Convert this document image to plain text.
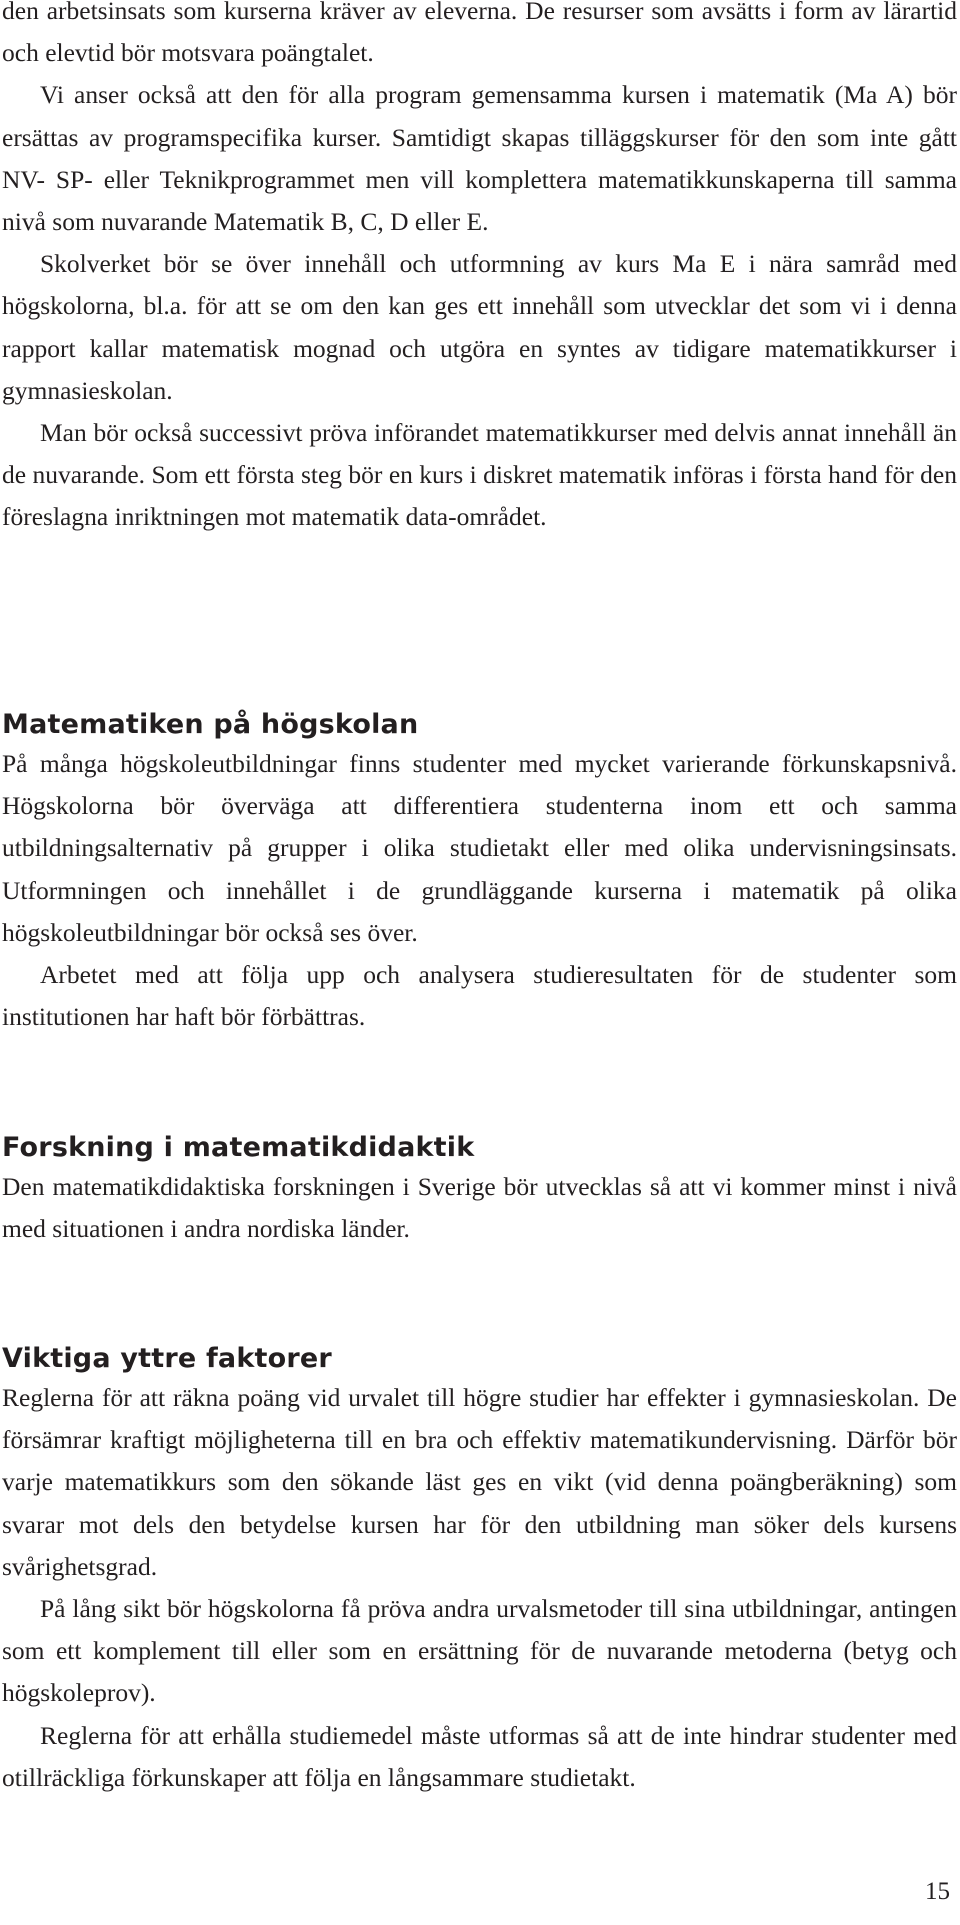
den arbetsinsats som kurserna kräver av eleverna. De resurser som avsätts i form av lärartid och elevtid bör motsvara poängtalet.

Vi anser också att den för alla program gemensamma kursen i matematik (Ma A) bör ersättas av programspecifika kurser. Samtidigt skapas tilläggskurser för den som inte gått NV- SP- eller Teknikprogrammet men vill komplettera matematikkunskaperna till samma nivå som nuvarande Matematik B, C, D eller E.

Skolverket bör se över innehåll och utformning av kurs Ma E i nära samråd med högskolorna, bl.a. för att se om den kan ges ett innehåll som utvecklar det som vi i denna rapport kallar matematisk mognad och utgöra en syntes av tidigare matematikkurser i gymnasieskolan.

Man bör också successivt pröva införandet matematikkurser med delvis annat innehåll än de nuvarande. Som ett första steg bör en kurs i diskret matematik införas i första hand för den föreslagna inriktningen mot matematik data-området.

Matematiken på högskolan

På många högskoleutbildningar finns studenter med mycket varierande förkunskapsnivå. Högskolorna bör överväga att differentiera studenterna inom ett och samma utbildningsalternativ på grupper i olika studietakt eller med olika undervisningsinsats. Utformningen och innehållet i de grundläggande kurserna i matematik på olika högskoleutbildningar bör också ses över.

Arbetet med att följa upp och analysera studieresultaten för de studenter som institutionen har haft bör förbättras.

Forskning i matematikdidaktik

Den matematikdidaktiska forskningen i Sverige bör utvecklas så att vi kommer minst i nivå med situationen i andra nordiska länder.

Viktiga yttre faktorer

Reglerna för att räkna poäng vid urvalet till högre studier har effekter i gymnasieskolan. De försämrar kraftigt möjligheterna till en bra och effektiv matematikundervisning. Därför bör varje matematikkurs som den sökande läst ges en vikt (vid denna poängberäkning) som svarar mot dels den betydelse kursen har för den utbildning man söker dels kursens svårighetsgrad.

På lång sikt bör högskolorna få pröva andra urvalsmetoder till sina utbildningar, antingen som ett komplement till eller som en ersättning för de nuvarande metoderna (betyg och högskoleprov).

Reglerna för att erhålla studiemedel måste utformas så att de inte hindrar studenter med otillräckliga förkunskaper att följa en långsammare studietakt.

15
